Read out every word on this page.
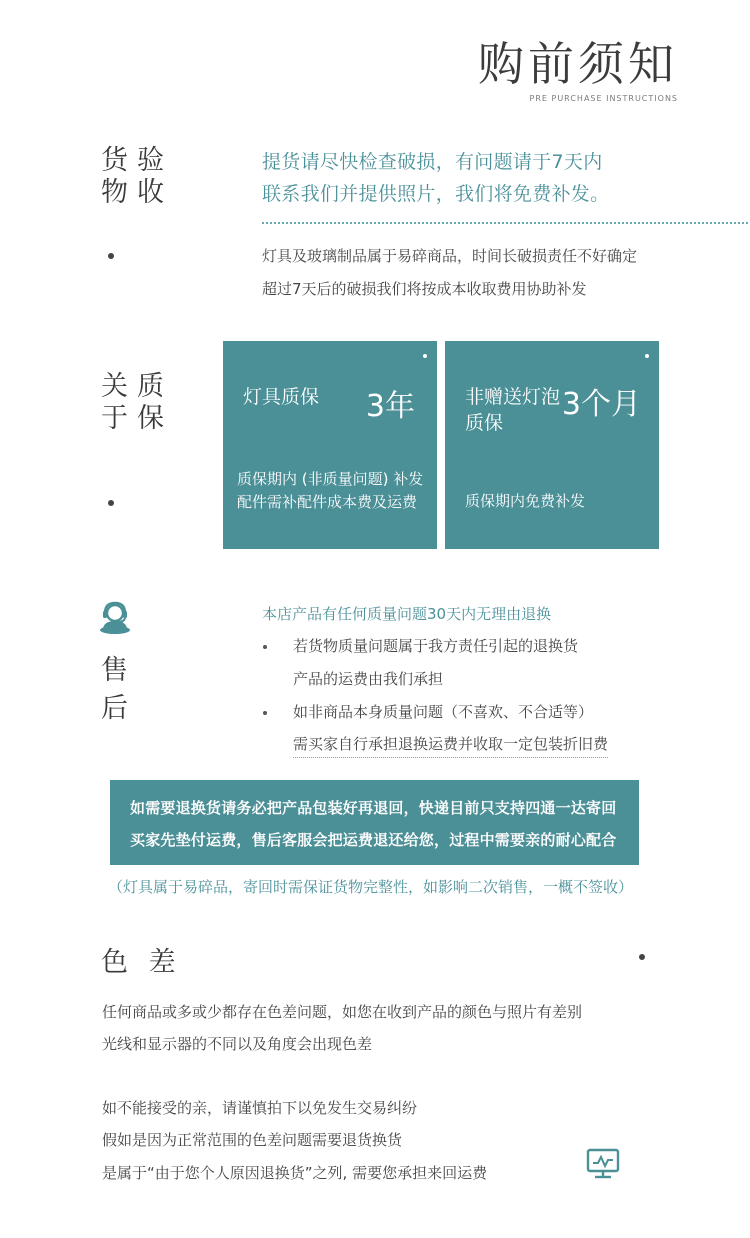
购前须知
PRE PURCHASE INSTRUCTIONS
货
物
验
收
提货请尽快检查破损，有问题请于7天内
联系我们并提供照片，我们将免费补发。
灯具及玻璃制品属于易碎商品，时间长破损责任不好确定
超过7天后的破损我们将按成本收取费用协助补发
关
于
质
保
灯具质保 3年
质保期内 (非质量问题) 补发
配件需补配件成本费及运费
非赠送灯泡质保
3个月
质保期内免费补发
售
后
本店产品有任何质量问题30天内无理由退换
若货物质量问题属于我方责任引起的退换货
产品的运费由我们承担
如非商品本身质量问题（不喜欢、不合适等）
需买家自行承担退换运费并收取一定包装折旧费
如需要退换货请务必把产品包装好再退回，快递目前只支持四通一达寄回
买家先垫付运费，售后客服会把运费退还给您，过程中需要亲的耐心配合
（灯具属于易碎品，寄回时需保证货物完整性，如影响二次销售，一概不签收）
色 差
任何商品或多或少都存在色差问题，如您在收到产品的颜色与照片有差别
光线和显示器的不同以及角度会出现色差
如不能接受的亲，请谨慎拍下以免发生交易纠纷
假如是因为正常范围的色差问题需要退货换货
是属于“由于您个人原因退换货”之列, 需要您承担来回运费
